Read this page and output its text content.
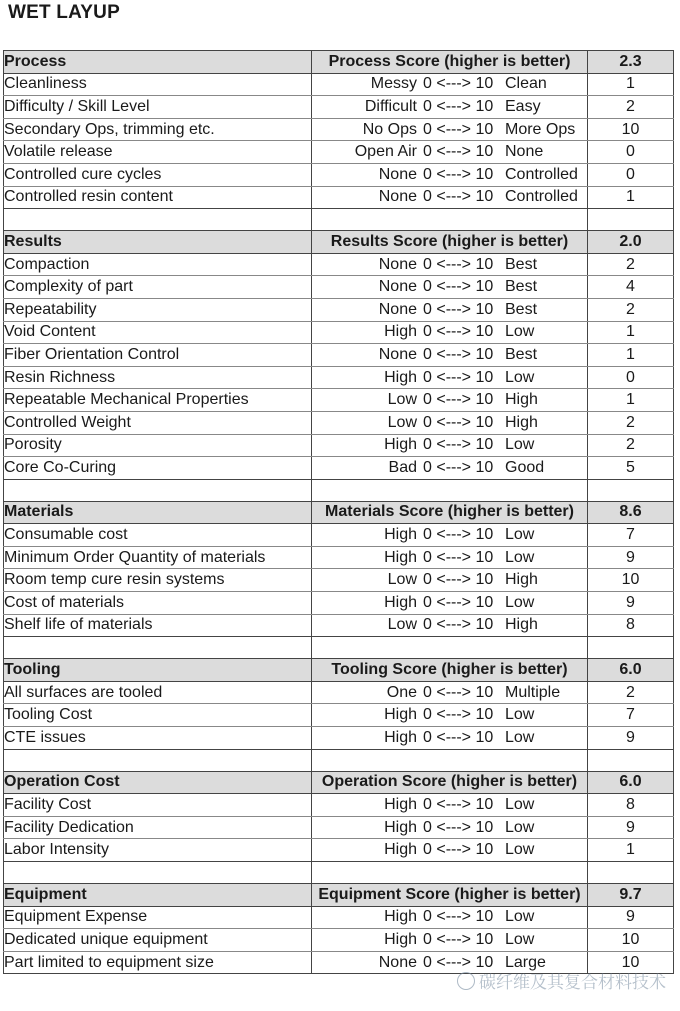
WET LAYUP
Process	Process Score (higher is better)	2.3
Cleanliness	Messy 0 <---> 10 Clean	1
Difficulty / Skill Level	Difficult 0 <---> 10 Easy	2
Secondary Ops, trimming etc.	No Ops 0 <---> 10 More Ops	10
Volatile release	Open Air 0 <---> 10 None	0
Controlled cure cycles	None 0 <---> 10 Controlled	0
Controlled resin content	None 0 <---> 10 Controlled	1

Results	Results Score (higher is better)	2.0
Compaction	None 0 <---> 10 Best	2
Complexity of part	None 0 <---> 10 Best	4
Repeatability	None 0 <---> 10 Best	2
Void Content	High 0 <---> 10 Low	1
Fiber Orientation Control	None 0 <---> 10 Best	1
Resin Richness	High 0 <---> 10 Low	0
Repeatable Mechanical Properties	Low 0 <---> 10 High	1
Controlled Weight	Low 0 <---> 10 High	2
Porosity	High 0 <---> 10 Low	2
Core Co-Curing	Bad 0 <---> 10 Good	5

Materials	Materials Score (higher is better)	8.6
Consumable cost	High 0 <---> 10 Low	7
Minimum Order Quantity of materials	High 0 <---> 10 Low	9
Room temp cure resin systems	Low 0 <---> 10 High	10
Cost of materials	High 0 <---> 10 Low	9
Shelf life of materials	Low 0 <---> 10 High	8

Tooling	Tooling Score (higher is better)	6.0
All surfaces are tooled	One 0 <---> 10 Multiple	2
Tooling Cost	High 0 <---> 10 Low	7
CTE issues	High 0 <---> 10 Low	9

Operation Cost	Operation Score (higher is better)	6.0
Facility Cost	High 0 <---> 10 Low	8
Facility Dedication	High 0 <---> 10 Low	9
Labor Intensity	High 0 <---> 10 Low	1

Equipment	Equipment Score (higher is better)	9.7
Equipment Expense	High 0 <---> 10 Low	9
Dedicated unique equipment	High 0 <---> 10 Low	10
Part limited to equipment size	None 0 <---> 10 Large	10
碳纤维及其复合材料技术
